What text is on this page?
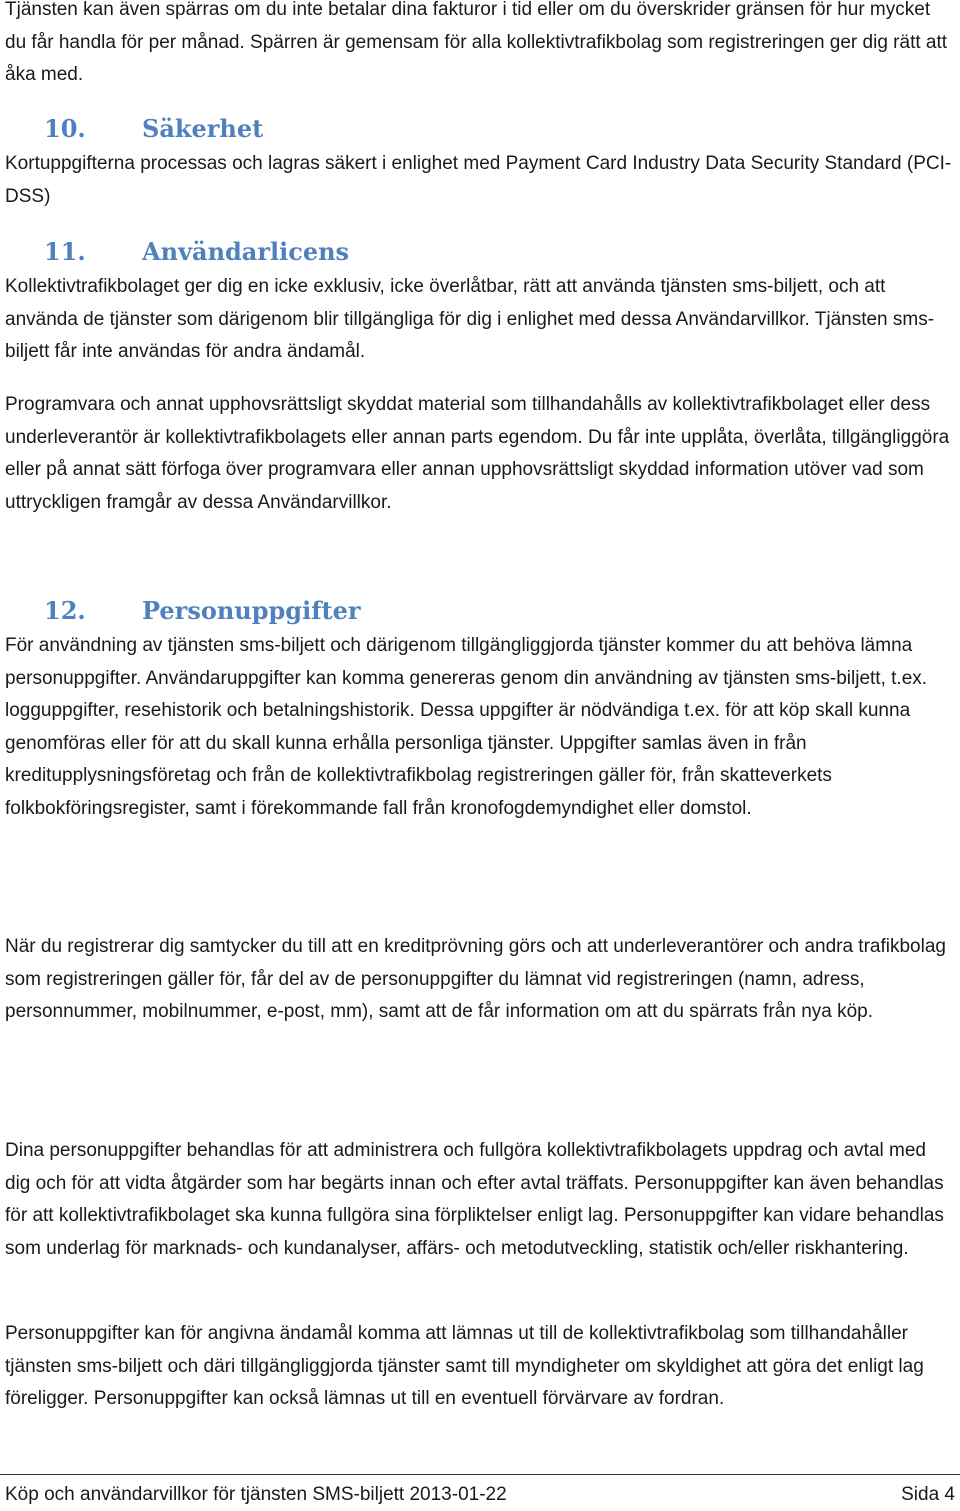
Tjänsten kan även spärras om du inte betalar dina fakturor i tid eller om du överskrider gränsen för hur mycket du får handla för per månad. Spärren är gemensam för alla kollektivtrafikbolag som registreringen ger dig rätt att åka med.

10. Säkerhet

Kortuppgifterna processas och lagras säkert i enlighet med Payment Card Industry Data Security Standard (PCI-DSS)

11. Användarlicens

Kollektivtrafikbolaget ger dig en icke exklusiv, icke överlåtbar, rätt att använda tjänsten sms-biljett, och att använda de tjänster som därigenom blir tillgängliga för dig i enlighet med dessa Användarvillkor. Tjänsten sms-biljett får inte användas för andra ändamål.

Programvara och annat upphovsrättsligt skyddat material som tillhandahålls av kollektivtrafikbolaget eller dess underleverantör är kollektivtrafikbolagets eller annan parts egendom. Du får inte upplåta, överlåta, tillgängliggöra eller på annat sätt förfoga över programvara eller annan upphovsrättsligt skyddad information utöver vad som uttryckligen framgår av dessa Användarvillkor.

12. Personuppgifter

För användning av tjänsten sms-biljett och därigenom tillgängliggjorda tjänster kommer du att behöva lämna personuppgifter. Användaruppgifter kan komma genereras genom din användning av tjänsten sms-biljett, t.ex. logguppgifter, resehistorik och betalningshistorik. Dessa uppgifter är nödvändiga t.ex. för att köp skall kunna genomföras eller för att du skall kunna erhålla personliga tjänster. Uppgifter samlas även in från kreditupplysningsföretag och från de kollektivtrafikbolag registreringen gäller för, från skatteverkets folkbokföringsregister, samt i förekommande fall från kronofogdemyndighet eller domstol.

När du registrerar dig samtycker du till att en kreditprövning görs och att underleverantörer och andra trafikbolag som registreringen gäller för, får del av de personuppgifter du lämnat vid registreringen (namn, adress, personnummer, mobilnummer, e-post, mm), samt att de får information om att du spärrats från nya köp.

Dina personuppgifter behandlas för att administrera och fullgöra kollektivtrafikbolagets uppdrag och avtal med dig och för att vidta åtgärder som har begärts innan och efter avtal träffats. Personuppgifter kan även behandlas för att kollektivtrafikbolaget ska kunna fullgöra sina förpliktelser enligt lag. Personuppgifter kan vidare behandlas som underlag för marknads- och kundanalyser, affärs- och metodutveckling, statistik och/eller riskhantering.

Personuppgifter kan för angivna ändamål komma att lämnas ut till de kollektivtrafikbolag som tillhandahåller tjänsten sms-biljett och däri tillgängliggjorda tjänster samt till myndigheter om skyldighet att göra det enligt lag föreligger. Personuppgifter kan också lämnas ut till en eventuell förvärvare av fordran.

Köp och användarvillkor för tjänsten SMS-biljett 2013-01-22	Sida 4
